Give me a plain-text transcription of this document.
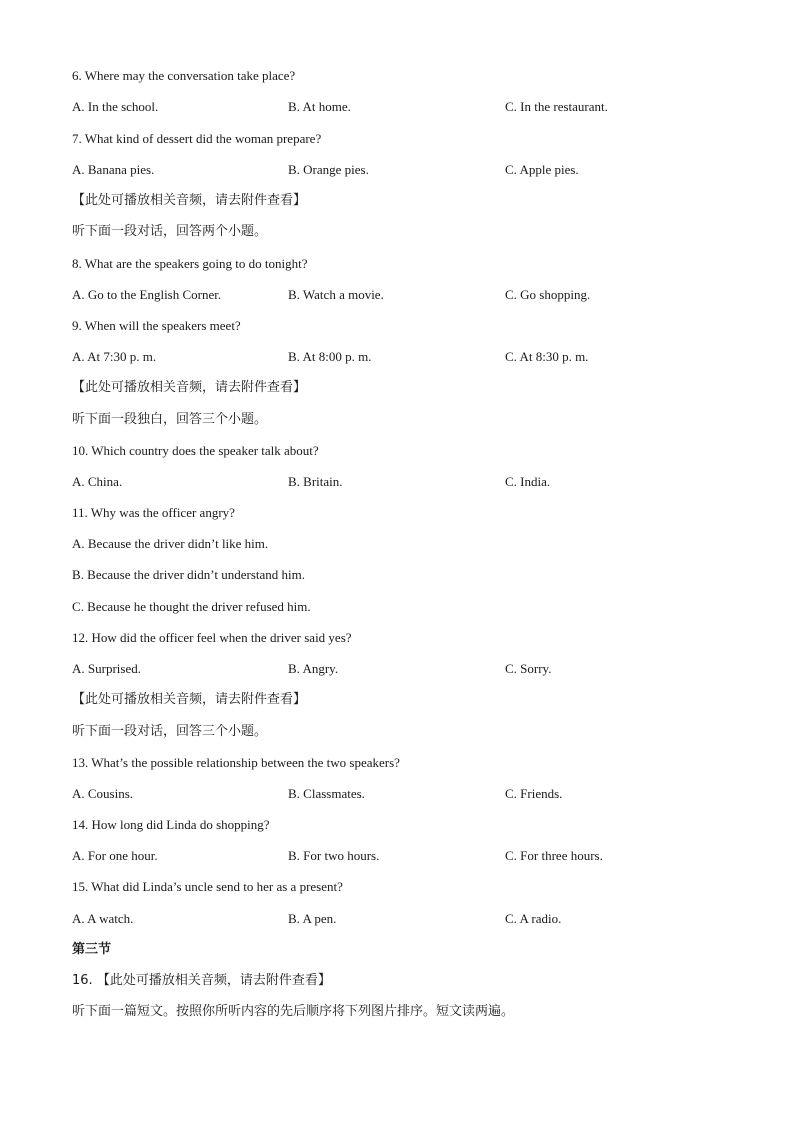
6. Where may the conversation take place?
A. In the school.	B. At home.	C. In the restaurant.
7. What kind of dessert did the woman prepare?
A. Banana pies.	B. Orange pies.	C. Apple pies.
【此处可播放相关音频，请去附件查看】
听下面一段对话，回答两个小题。
8. What are the speakers going to do tonight?
A. Go to the English Corner.	B. Watch a movie.	C. Go shopping.
9. When will the speakers meet?
A. At 7:30 p. m.	B. At 8:00 p. m.	C. At 8:30 p. m.
【此处可播放相关音频，请去附件查看】
听下面一段独白，回答三个小题。
10. Which country does the speaker talk about?
A. China.	B. Britain.	C. India.
11. Why was the officer angry?
A. Because the driver didn’t like him.
B. Because the driver didn’t understand him.
C. Because he thought the driver refused him.
12. How did the officer feel when the driver said yes?
A. Surprised.	B. Angry.	C. Sorry.
【此处可播放相关音频，请去附件查看】
听下面一段对话，回答三个小题。
13. What’s the possible relationship between the two speakers?
A. Cousins.	B. Classmates.	C. Friends.
14. How long did Linda do shopping?
A. For one hour.	B. For two hours.	C. For three hours.
15. What did Linda’s uncle send to her as a present?
A. A watch.	B. A pen.	C. A radio.
第三节
16. 【此处可播放相关音频，请去附件查看】
听下面一篇短文。按照你所听内容的先后顺序将下列图片排序。短文读两遍。
